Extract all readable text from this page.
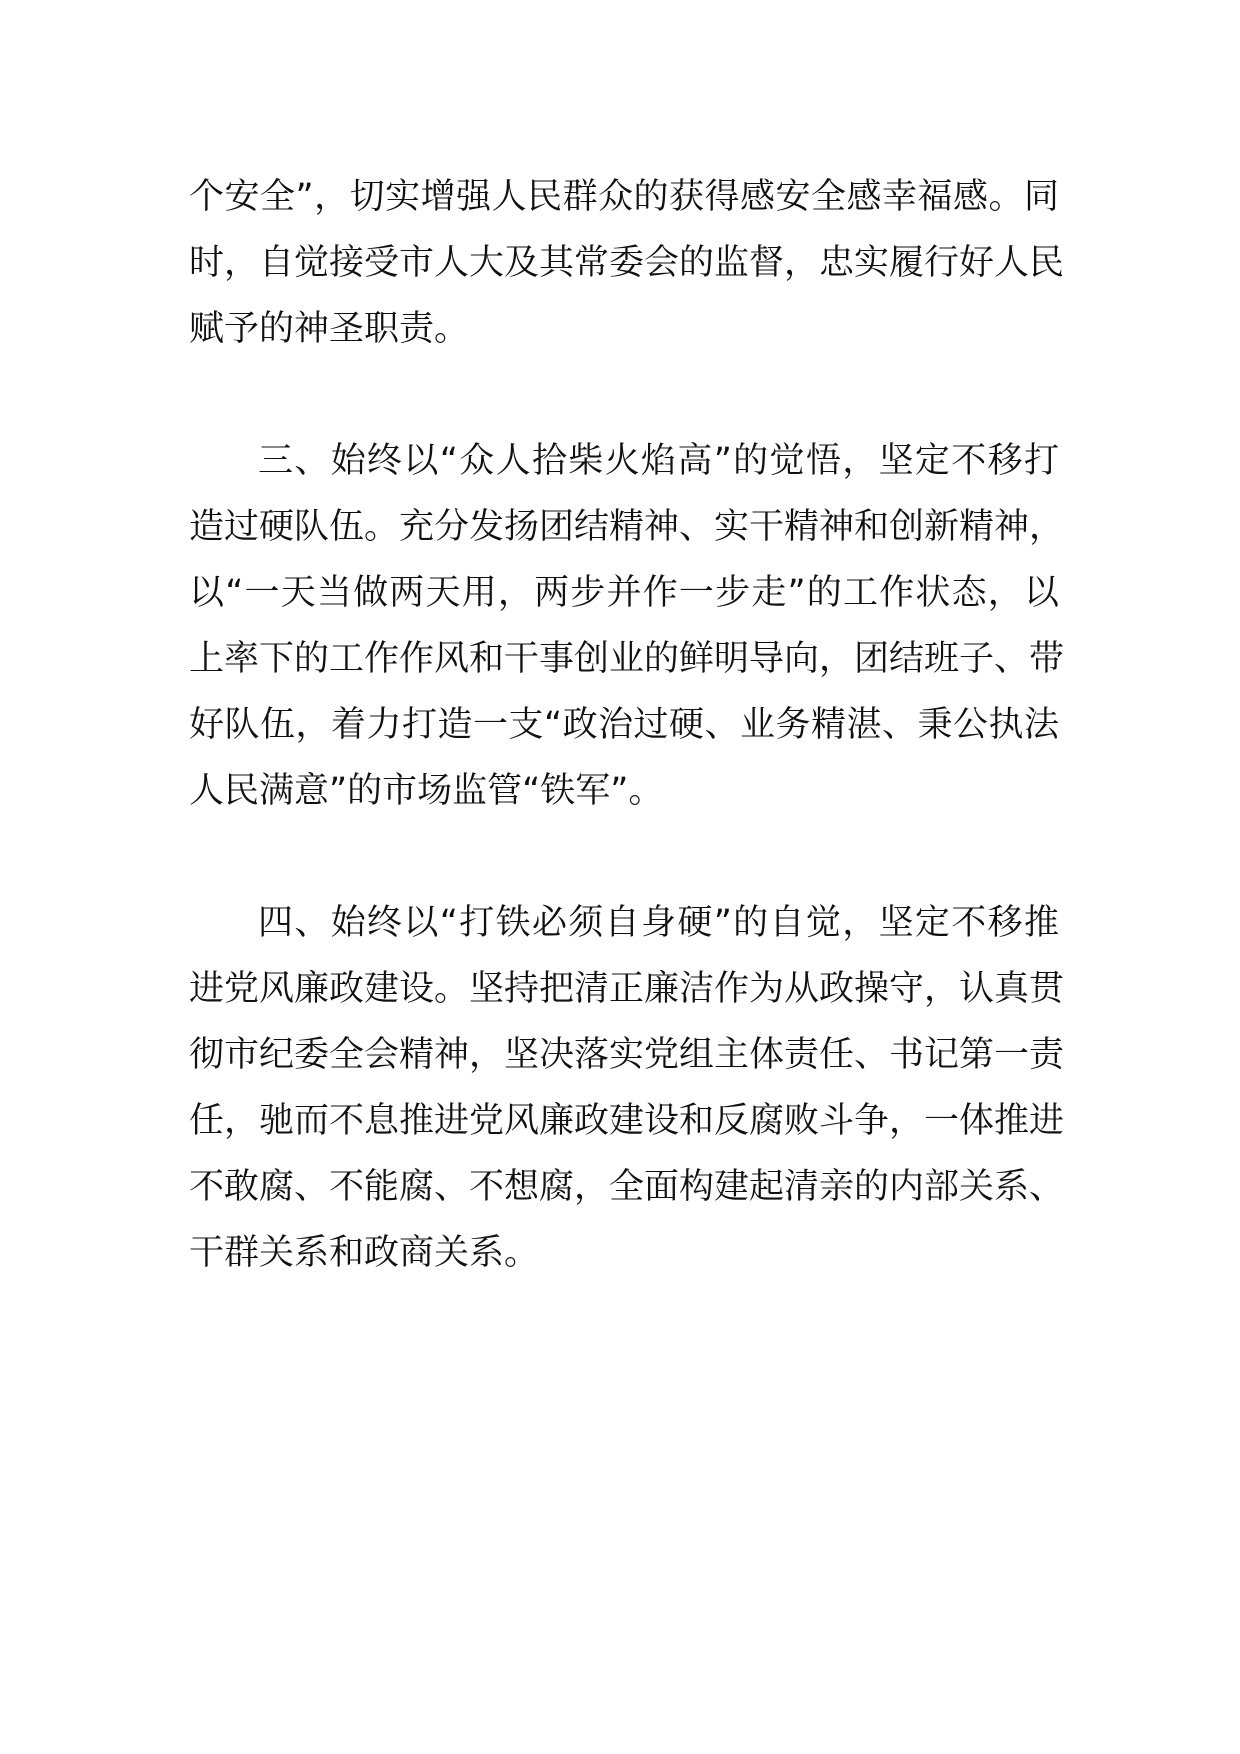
个安全”，切实增强人民群众的获得感安全感幸福感。同
时，自觉接受市人大及其常委会的监督，忠实履行好人民
赋予的神圣职责。
三、始终以“众人拾柴火焰高”的觉悟，坚定不移打
造过硬队伍。充分发扬团结精神、实干精神和创新精神，
以“一天当做两天用，两步并作一步走”的工作状态，以
上率下的工作作风和干事创业的鲜明导向，团结班子、带
好队伍，着力打造一支“政治过硬、业务精湛、秉公执法
人民满意”的市场监管“铁军”。
四、始终以“打铁必须自身硬”的自觉，坚定不移推
进党风廉政建设。坚持把清正廉洁作为从政操守，认真贯
彻市纪委全会精神，坚决落实党组主体责任、书记第一责
任，驰而不息推进党风廉政建设和反腐败斗争，一体推进
不敢腐、不能腐、不想腐，全面构建起清亲的内部关系、
干群关系和政商关系。
